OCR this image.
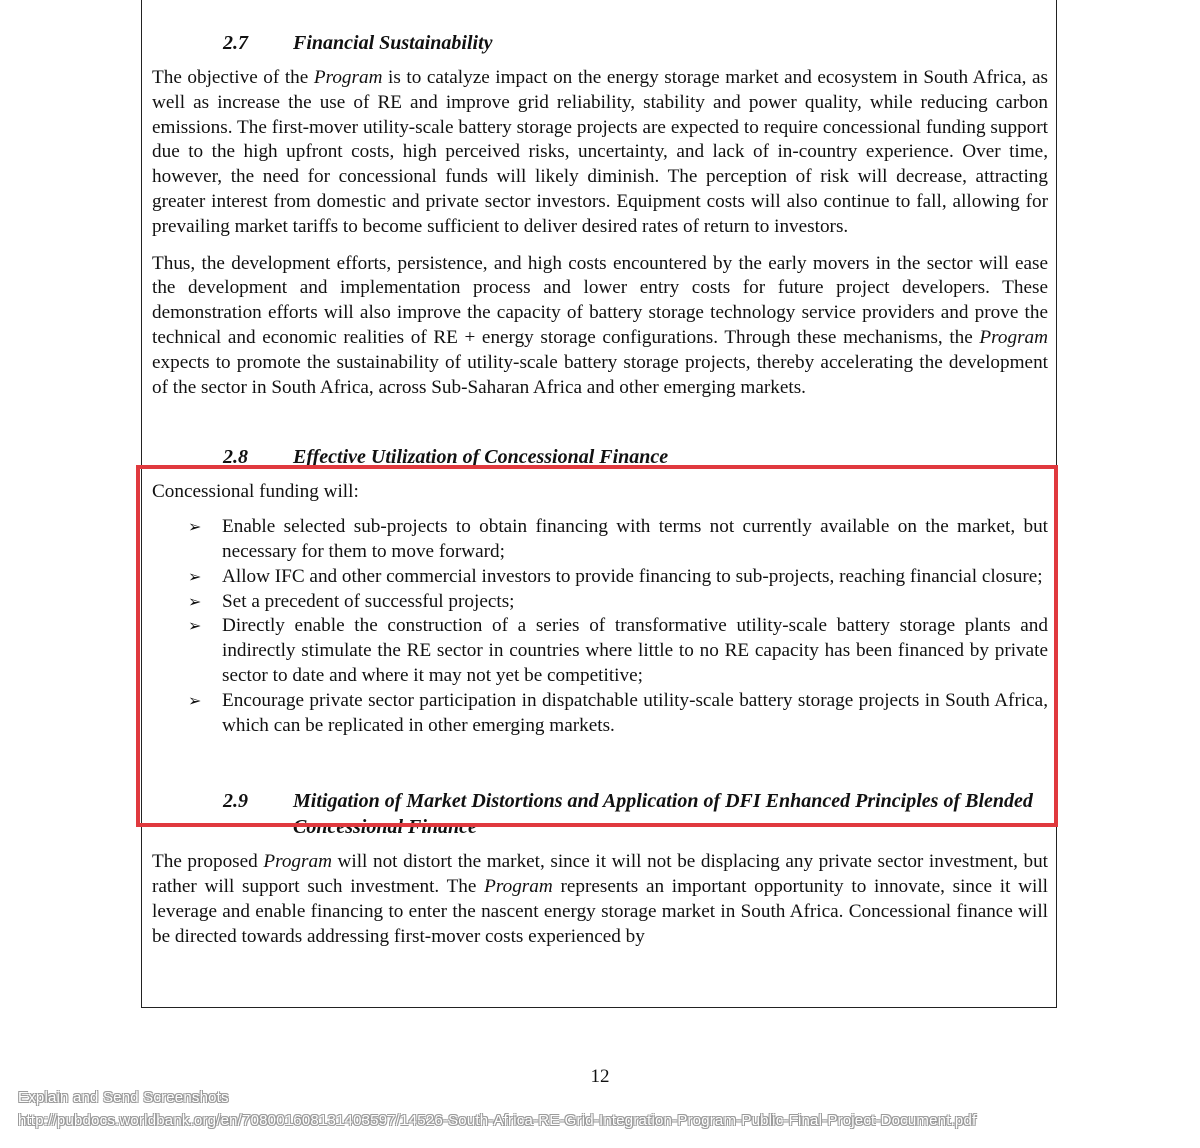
2.7	Financial Sustainability

The objective of the Program is to catalyze impact on the energy storage market and ecosystem in South Africa, as well as increase the use of RE and improve grid reliability, stability and power quality, while reducing carbon emissions. The first-mover utility-scale battery storage projects are expected to require concessional funding support due to the high upfront costs, high perceived risks, uncertainty, and lack of in-country experience. Over time, however, the need for concessional funds will likely diminish. The perception of risk will decrease, attracting greater interest from domestic and private sector investors. Equipment costs will also continue to fall, allowing for prevailing market tariffs to become sufficient to deliver desired rates of return to investors.

Thus, the development efforts, persistence, and high costs encountered by the early movers in the sector will ease the development and implementation process and lower entry costs for future project developers. These demonstration efforts will also improve the capacity of battery storage technology service providers and prove the technical and economic realities of RE + energy storage configurations. Through these mechanisms, the Program expects to promote the sustainability of utility-scale battery storage projects, thereby accelerating the development of the sector in South Africa, across Sub-Saharan Africa and other emerging markets.

2.8	Effective Utilization of Concessional Finance

Concessional funding will:

➢	Enable selected sub-projects to obtain financing with terms not currently available on the market, but necessary for them to move forward;
➢	Allow IFC and other commercial investors to provide financing to sub-projects, reaching financial closure;
➢	Set a precedent of successful projects;
➢	Directly enable the construction of a series of transformative utility-scale battery storage plants and indirectly stimulate the RE sector in countries where little to no RE capacity has been financed by private sector to date and where it may not yet be competitive;
➢	Encourage private sector participation in dispatchable utility-scale battery storage projects in South Africa, which can be replicated in other emerging markets.
2.9	Mitigation of Market Distortions and Application of DFI Enhanced Principles of Blended Concessional Finance

The proposed Program will not distort the market, since it will not be displacing any private sector investment, but rather will support such investment. The Program represents an important opportunity to innovate, since it will leverage and enable financing to enter the nascent energy storage market in South Africa. Concessional finance will be directed towards addressing first-mover costs experienced by

12
Explain and Send Screenshots
http://pubdocs.worldbank.org/en/708001608131403597/14526-South-Africa-RE-Grid-Integration-Program-Public-Final-Project-Document.pdf
